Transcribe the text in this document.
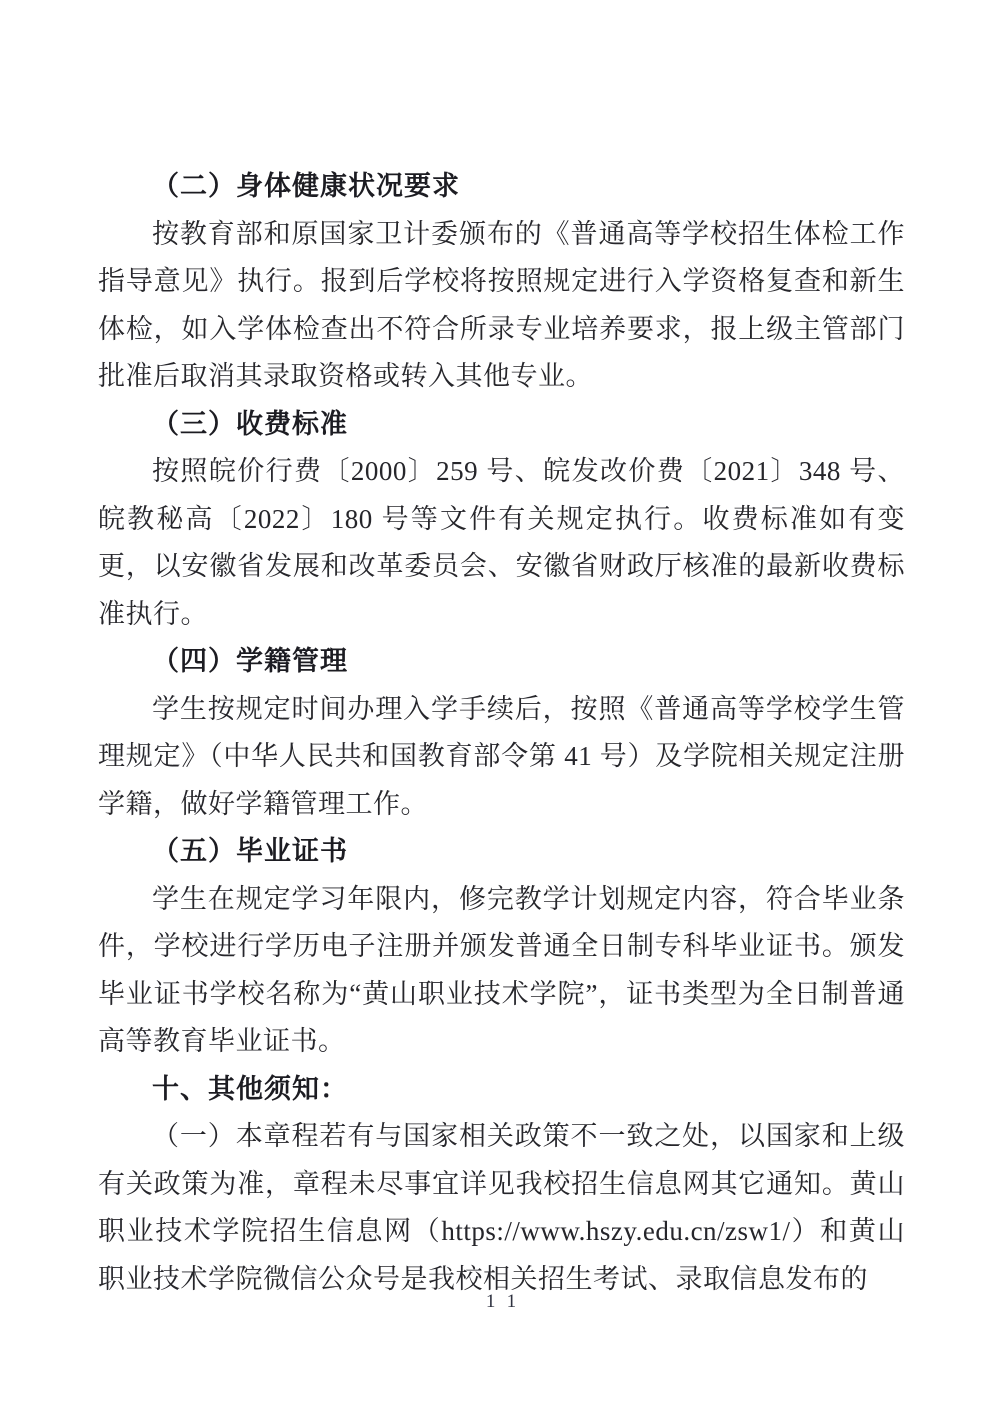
（二）身体健康状况要求
按教育部和原国家卫计委颁布的《普通高等学校招生体检工作指导意见》执行。报到后学校将按照规定进行入学资格复查和新生体检，如入学体检查出不符合所录专业培养要求，报上级主管部门批准后取消其录取资格或转入其他专业。
（三）收费标准
按照皖价行费〔2000〕259 号、皖发改价费〔2021〕348 号、皖教秘高〔2022〕180 号等文件有关规定执行。收费标准如有变更，以安徽省发展和改革委员会、安徽省财政厅核准的最新收费标准执行。
（四）学籍管理
学生按规定时间办理入学手续后，按照《普通高等学校学生管理规定》（中华人民共和国教育部令第 41 号）及学院相关规定注册学籍，做好学籍管理工作。
（五）毕业证书
学生在规定学习年限内，修完教学计划规定内容，符合毕业条件，学校进行学历电子注册并颁发普通全日制专科毕业证书。颁发毕业证书学校名称为“黄山职业技术学院”，证书类型为全日制普通高等教育毕业证书。
十、其他须知：
（一）本章程若有与国家相关政策不一致之处，以国家和上级有关政策为准，章程未尽事宜详见我校招生信息网其它通知。黄山职业技术学院招生信息网（https://www.hszy.edu.cn/zsw1/）和黄山职业技术学院微信公众号是我校相关招生考试、录取信息发布的
11
